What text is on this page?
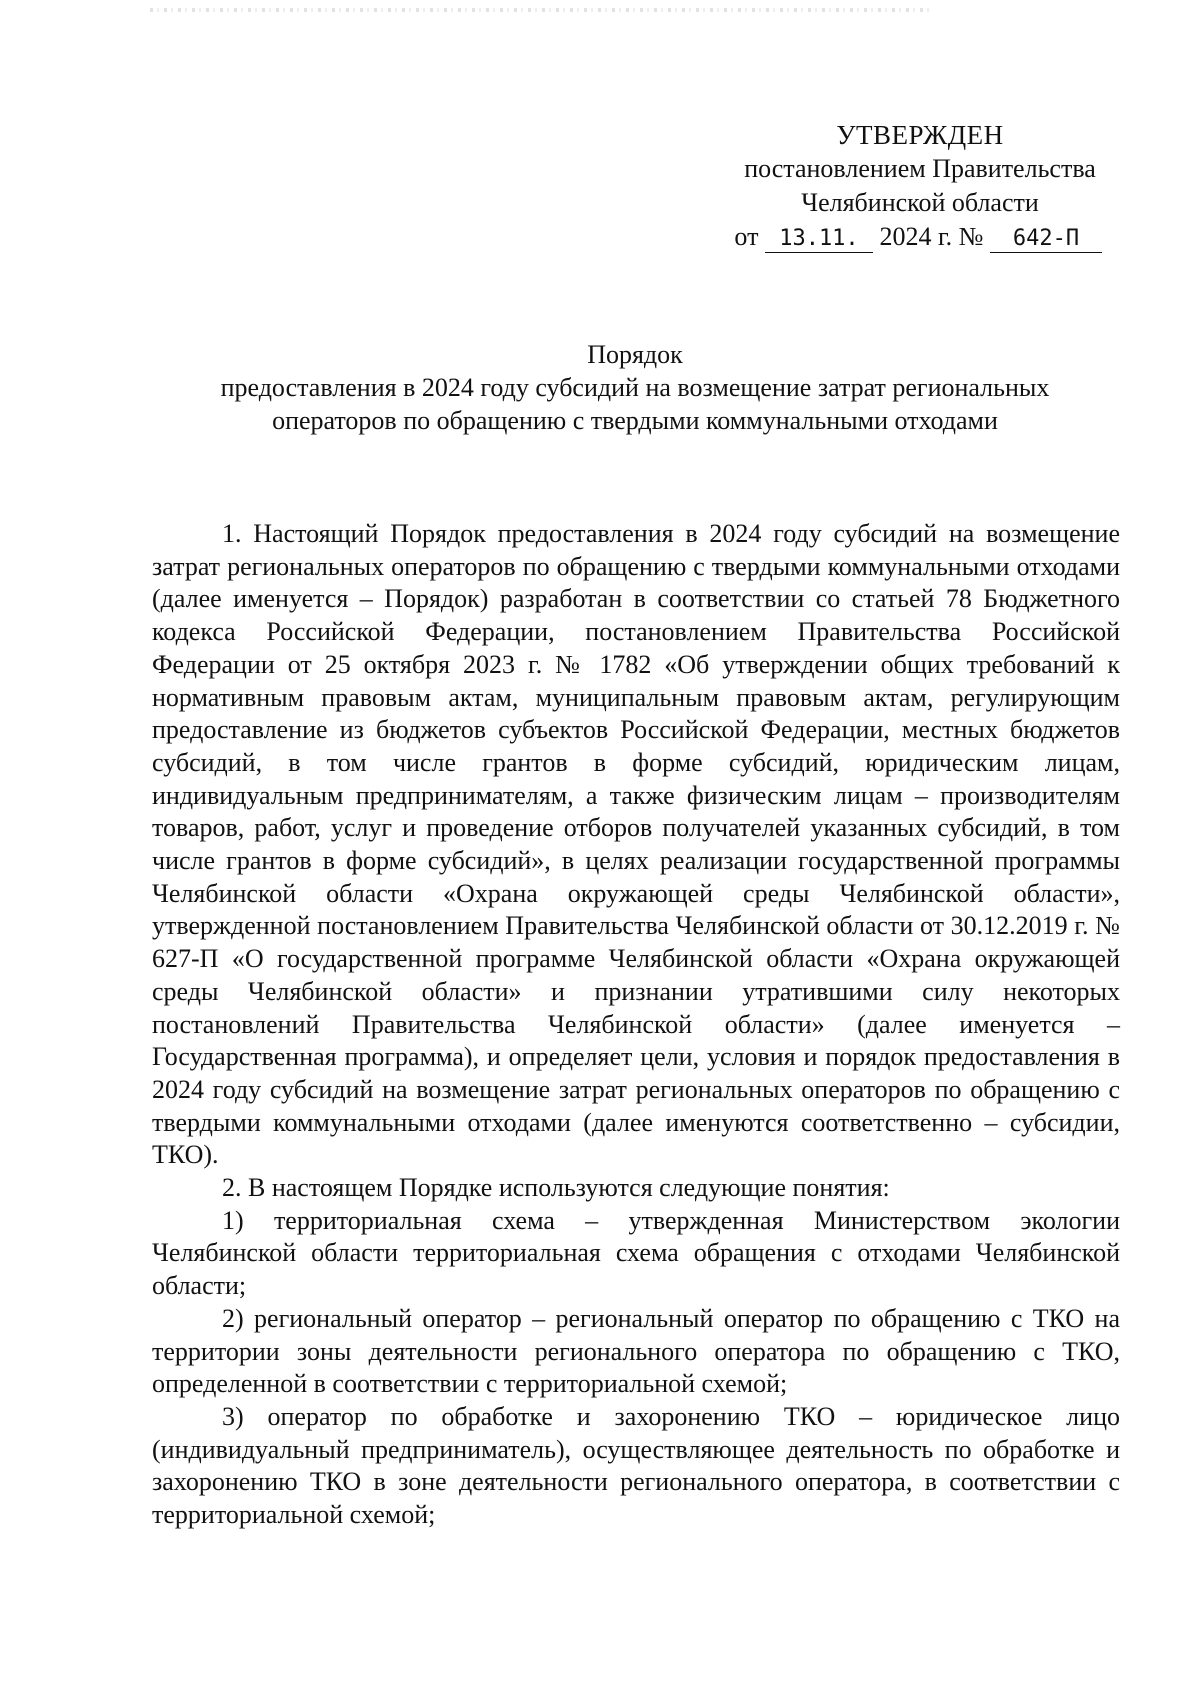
УТВЕРЖДЕН
постановлением Правительства
Челябинской области
от 13.11. 2024 г. № 642-П
Порядок
предоставления в 2024 году субсидий на возмещение затрат региональных
операторов по обращению с твердыми коммунальными отходами

1. Настоящий Порядок предоставления в 2024 году субсидий на возмещение затрат региональных операторов по обращению с твердыми коммунальными отходами (далее именуется – Порядок) разработан в соответствии со статьей 78 Бюджетного кодекса Российской Федерации, постановлением Правительства Российской Федерации от 25 октября 2023 г. № 1782 «Об утверждении общих требований к нормативным правовым актам, муниципальным правовым актам, регулирующим предоставление из бюджетов субъектов Российской Федерации, местных бюджетов субсидий, в том числе грантов в форме субсидий, юридическим лицам, индивидуальным предпринимателям, а также физическим лицам – производителям товаров, работ, услуг и проведение отборов получателей указанных субсидий, в том числе грантов в форме субсидий», в целях реализации государственной программы Челябинской области «Охрана окружающей среды Челябинской области», утвержденной постановлением Правительства Челябинской области от 30.12.2019 г. № 627-П «О государственной программе Челябинской области «Охрана окружающей среды Челябинской области» и признании утратившими силу некоторых постановлений Правительства Челябинской области» (далее именуется – Государственная программа), и определяет цели, условия и порядок предоставления в 2024 году субсидий на возмещение затрат региональных операторов по обращению с твердыми коммунальными отходами (далее именуются соответственно – субсидии, ТКО).

2. В настоящем Порядке используются следующие понятия:

1) территориальная схема – утвержденная Министерством экологии Челябинской области территориальная схема обращения с отходами Челябинской области;

2) региональный оператор – региональный оператор по обращению с ТКО на территории зоны деятельности регионального оператора по обращению с ТКО, определенной в соответствии с территориальной схемой;

3) оператор по обработке и захоронению ТКО – юридическое лицо (индивидуальный предприниматель), осуществляющее деятельность по обработке и захоронению ТКО в зоне деятельности регионального оператора, в соответствии с территориальной схемой;
